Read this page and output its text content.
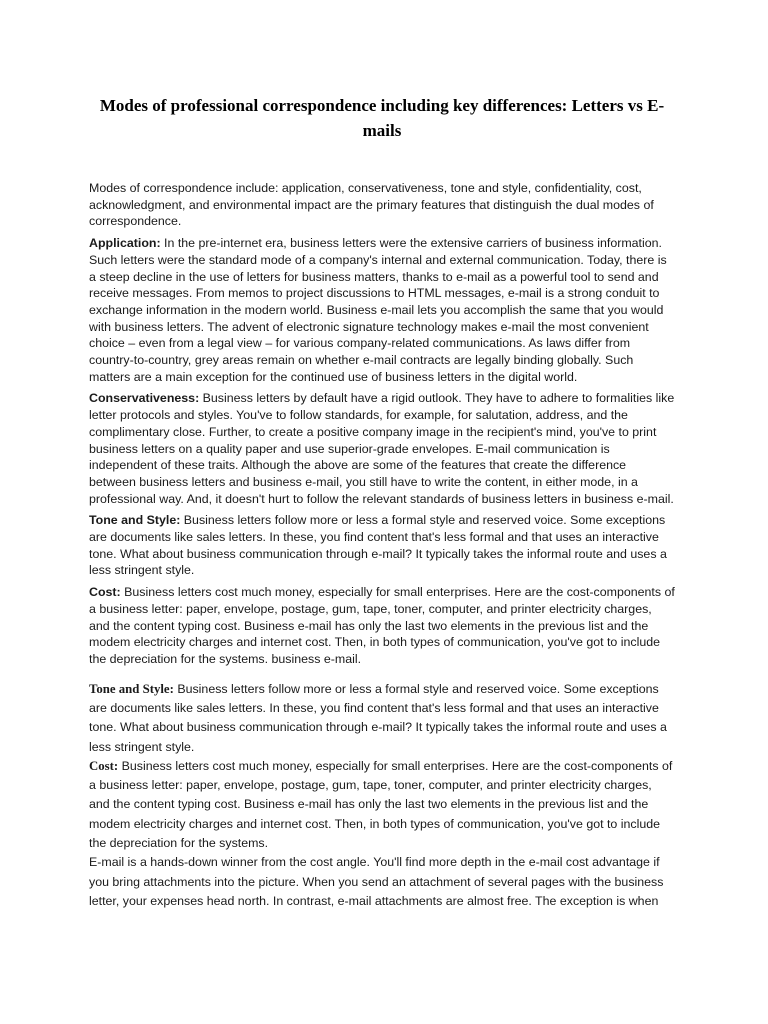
Modes of professional correspondence including key differences: Letters vs E-mails

Modes of correspondence include: application, conservativeness, tone and style, confidentiality, cost, acknowledgment, and environmental impact are the primary features that distinguish the dual modes of correspondence.

Application: In the pre-internet era, business letters were the extensive carriers of business information. Such letters were the standard mode of a company's internal and external communication. Today, there is a steep decline in the use of letters for business matters, thanks to e-mail as a powerful tool to send and receive messages. From memos to project discussions to HTML messages, e-mail is a strong conduit to exchange information in the modern world. Business e-mail lets you accomplish the same that you would with business letters. The advent of electronic signature technology makes e-mail the most convenient choice – even from a legal view – for various company-related communications. As laws differ from country-to-country, grey areas remain on whether e-mail contracts are legally binding globally. Such matters are a main exception for the continued use of business letters in the digital world.

Conservativeness: Business letters by default have a rigid outlook. They have to adhere to formalities like letter protocols and styles. You've to follow standards, for example, for salutation, address, and the complimentary close. Further, to create a positive company image in the recipient's mind, you've to print business letters on a quality paper and use superior-grade envelopes. E-mail communication is independent of these traits. Although the above are some of the features that create the difference between business letters and business e-mail, you still have to write the content, in either mode, in a professional way. And, it doesn't hurt to follow the relevant standards of business letters in business e-mail.

Tone and Style: Business letters follow more or less a formal style and reserved voice. Some exceptions are documents like sales letters. In these, you find content that's less formal and that uses an interactive tone. What about business communication through e-mail? It typically takes the informal route and uses a less stringent style.

Cost: Business letters cost much money, especially for small enterprises. Here are the cost-components of a business letter: paper, envelope, postage, gum, tape, toner, computer, and printer electricity charges, and the content typing cost. Business e-mail has only the last two elements in the previous list and the modem electricity charges and internet cost. Then, in both types of communication, you've got to include the depreciation for the systems. business e-mail.

Tone and Style: Business letters follow more or less a formal style and reserved voice. Some exceptions are documents like sales letters. In these, you find content that's less formal and that uses an interactive tone. What about business communication through e-mail? It typically takes the informal route and uses a less stringent style.

Cost: Business letters cost much money, especially for small enterprises. Here are the cost-components of a business letter: paper, envelope, postage, gum, tape, toner, computer, and printer electricity charges, and the content typing cost. Business e-mail has only the last two elements in the previous list and the modem electricity charges and internet cost. Then, in both types of communication, you've got to include the depreciation for the systems.

E-mail is a hands-down winner from the cost angle. You'll find more depth in the e-mail cost advantage if you bring attachments into the picture. When you send an attachment of several pages with the business letter, your expenses head north. In contrast, e-mail attachments are almost free. The exception is when
